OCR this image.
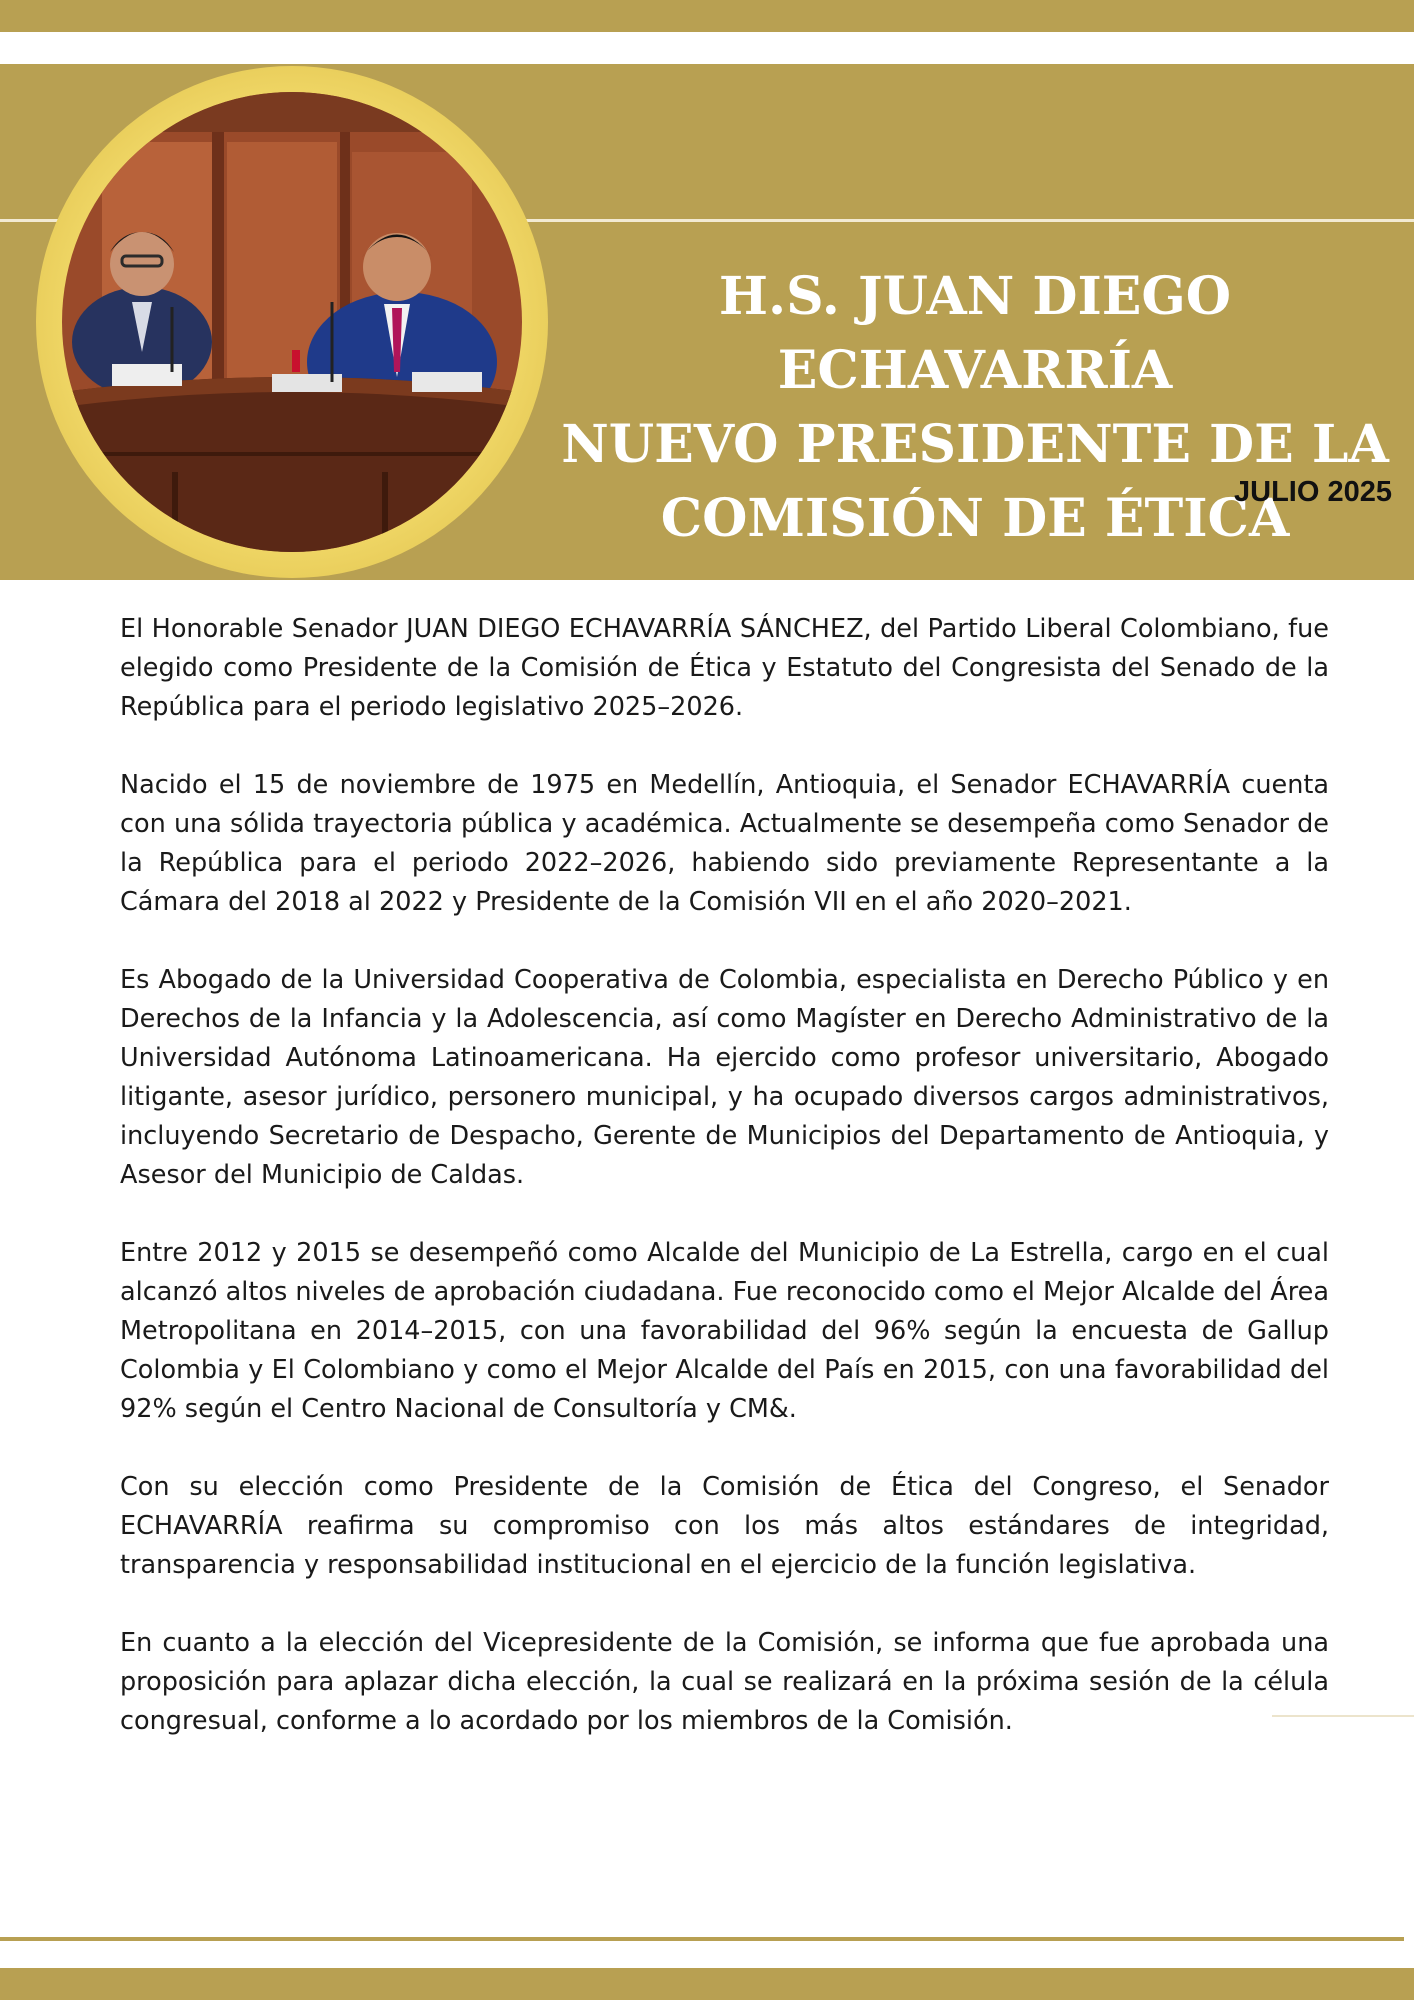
H.S. JUAN DIEGO ECHAVARRÍA
NUEVO PRESIDENTE DE LA
COMISIÓN DE ÉTICA
JULIO 2025

El Honorable Senador JUAN DIEGO ECHAVARRÍA SÁNCHEZ, del Partido Liberal Colombiano, fue elegido como Presidente de la Comisión de Ética y Estatuto del Congresista del Senado de la República para el periodo legislativo 2025–2026.

Nacido el 15 de noviembre de 1975 en Medellín, Antioquia, el Senador ECHAVARRÍA cuenta con una sólida trayectoria pública y académica. Actualmente se desempeña como Senador de la República para el periodo 2022–2026, habiendo sido previamente Representante a la Cámara del 2018 al 2022 y Presidente de la Comisión VII en el año 2020–2021.

Es Abogado de la Universidad Cooperativa de Colombia, especialista en Derecho Público y en Derechos de la Infancia y la Adolescencia, así como Magíster en Derecho Administrativo de la Universidad Autónoma Latinoamericana. Ha ejercido como profesor universitario, Abogado litigante, asesor jurídico, personero municipal, y ha ocupado diversos cargos administrativos, incluyendo Secretario de Despacho, Gerente de Municipios del Departamento de Antioquia, y Asesor del Municipio de Caldas.

Entre 2012 y 2015 se desempeñó como Alcalde del Municipio de La Estrella, cargo en el cual alcanzó altos niveles de aprobación ciudadana. Fue reconocido como el Mejor Alcalde del Área Metropolitana en 2014–2015, con una favorabilidad del 96% según la encuesta de Gallup Colombia y El Colombiano y como el Mejor Alcalde del País en 2015, con una favorabilidad del 92% según el Centro Nacional de Consultoría y CM&.

Con su elección como Presidente de la Comisión de Ética del Congreso, el Senador ECHAVARRÍA reafirma su compromiso con los más altos estándares de integridad, transparencia y responsabilidad institucional en el ejercicio de la función legislativa.

En cuanto a la elección del Vicepresidente de la Comisión, se informa que fue aprobada una proposición para aplazar dicha elección, la cual se realizará en la próxima sesión de la célula congresual, conforme a lo acordado por los miembros de la Comisión.
